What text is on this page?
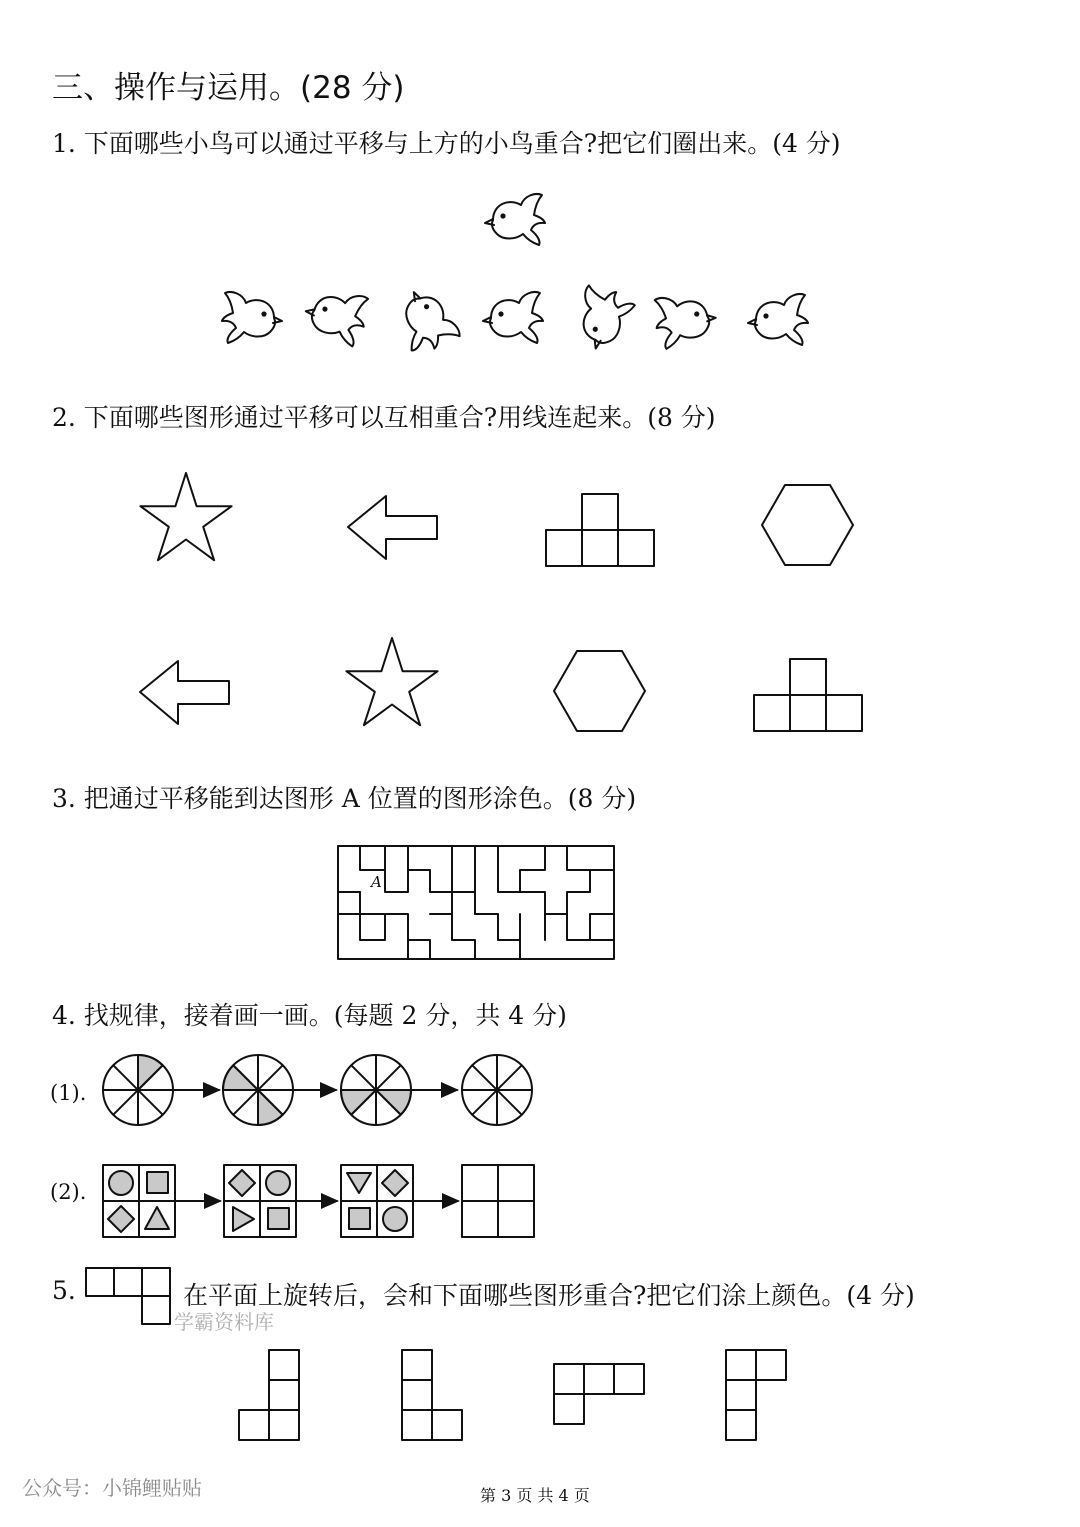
三、操作与运用。(28 分)
1. 下面哪些小鸟可以通过平移与上方的小鸟重合?把它们圈出来。(4 分)
2. 下面哪些图形通过平移可以互相重合?用线连起来。(8 分)
3. 把通过平移能到达图形 A 位置的图形涂色。(8 分)
4. 找规律，接着画一画。(每题 2 分，共 4 分)
(1).
(2).
5.	在平面上旋转后，会和下面哪些图形重合?把它们涂上颜色。(4 分)
学霸资料库
公众号：小锦鲤贴贴	第 3 页 共 4 页
A
